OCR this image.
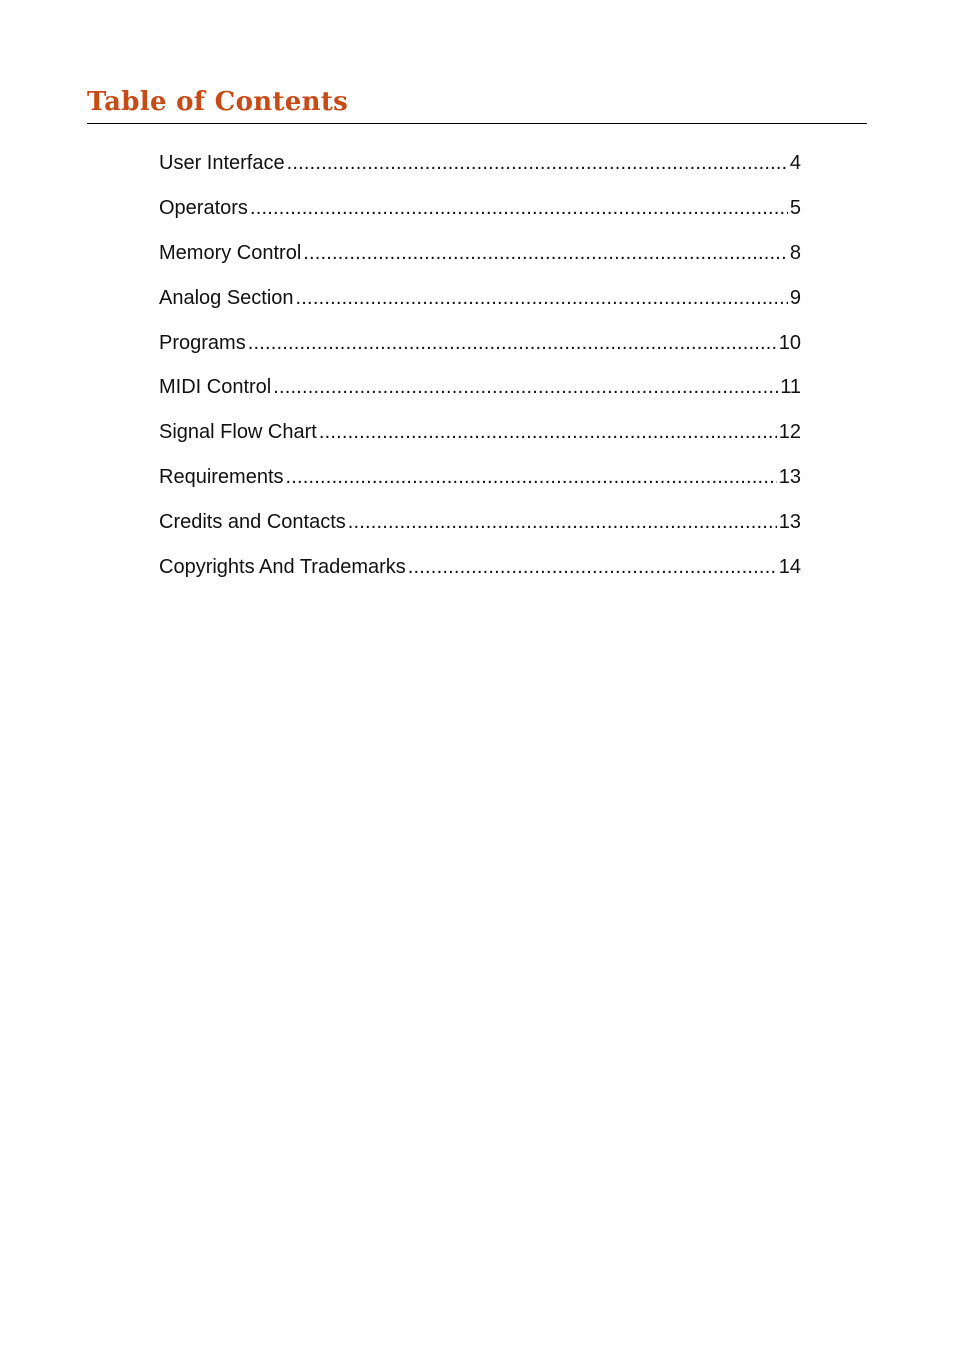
Table of Contents
User Interface .....	4
Operators .....	5
Memory Control .....	8
Analog Section .....	9
Programs .....	10
MIDI Control .....	11
Signal Flow Chart .....	12
Requirements .....	13
Credits and Contacts .....	13
Copyrights And Trademarks .....	14
